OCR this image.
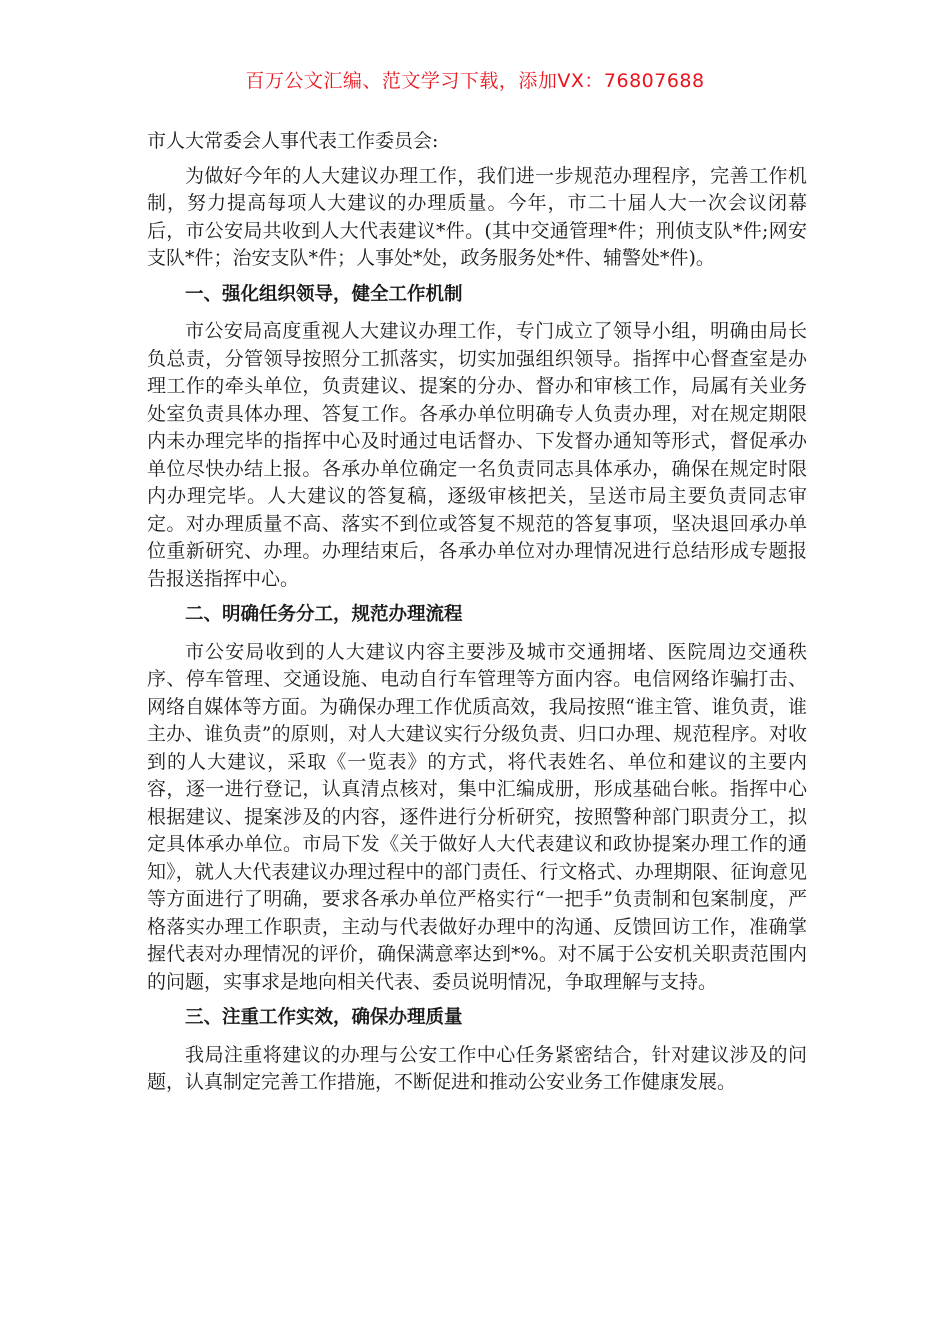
百万公文汇编、范文学习下载，添加VX：76807688

市人大常委会人事代表工作委员会:

为做好今年的人大建议办理工作，我们进一步规范办理程序，完善工作机制，努力提高每项人大建议的办理质量。今年，市二十届人大一次会议闭幕后，市公安局共收到人大代表建议*件。(其中交通管理*件；刑侦支队*件;网安支队*件；治安支队*件；人事处*处，政务服务处*件、辅警处*件)。

一、强化组织领导，健全工作机制

市公安局高度重视人大建议办理工作，专门成立了领导小组，明确由局长负总责，分管领导按照分工抓落实，切实加强组织领导。指挥中心督查室是办理工作的牵头单位，负责建议、提案的分办、督办和审核工作，局属有关业务处室负责具体办理、答复工作。各承办单位明确专人负责办理，对在规定期限内未办理完毕的指挥中心及时通过电话督办、下发督办通知等形式，督促承办单位尽快办结上报。各承办单位确定一名负责同志具体承办，确保在规定时限内办理完毕。人大建议的答复稿，逐级审核把关，呈送市局主要负责同志审定。对办理质量不高、落实不到位或答复不规范的答复事项，坚决退回承办单位重新研究、办理。办理结束后，各承办单位对办理情况进行总结形成专题报告报送指挥中心。

二、明确任务分工，规范办理流程

市公安局收到的人大建议内容主要涉及城市交通拥堵、医院周边交通秩序、停车管理、交通设施、电动自行车管理等方面内容。电信网络诈骗打击、网络自媒体等方面。为确保办理工作优质高效，我局按照“谁主管、谁负责，谁主办、谁负责”的原则，对人大建议实行分级负责、归口办理、规范程序。对收到的人大建议，采取《一览表》的方式，将代表姓名、单位和建议的主要内容，逐一进行登记，认真清点核对，集中汇编成册，形成基础台帐。指挥中心根据建议、提案涉及的内容，逐件进行分析研究，按照警种部门职责分工，拟定具体承办单位。市局下发《关于做好人大代表建议和政协提案办理工作的通知》，就人大代表建议办理过程中的部门责任、行文格式、办理期限、征询意见等方面进行了明确，要求各承办单位严格实行“一把手”负责制和包案制度，严格落实办理工作职责，主动与代表做好办理中的沟通、反馈回访工作，准确掌握代表对办理情况的评价，确保满意率达到*%。对不属于公安机关职责范围内的问题，实事求是地向相关代表、委员说明情况，争取理解与支持。

三、注重工作实效，确保办理质量

我局注重将建议的办理与公安工作中心任务紧密结合，针对建议涉及的问题，认真制定完善工作措施，不断促进和推动公安业务工作健康发展。
